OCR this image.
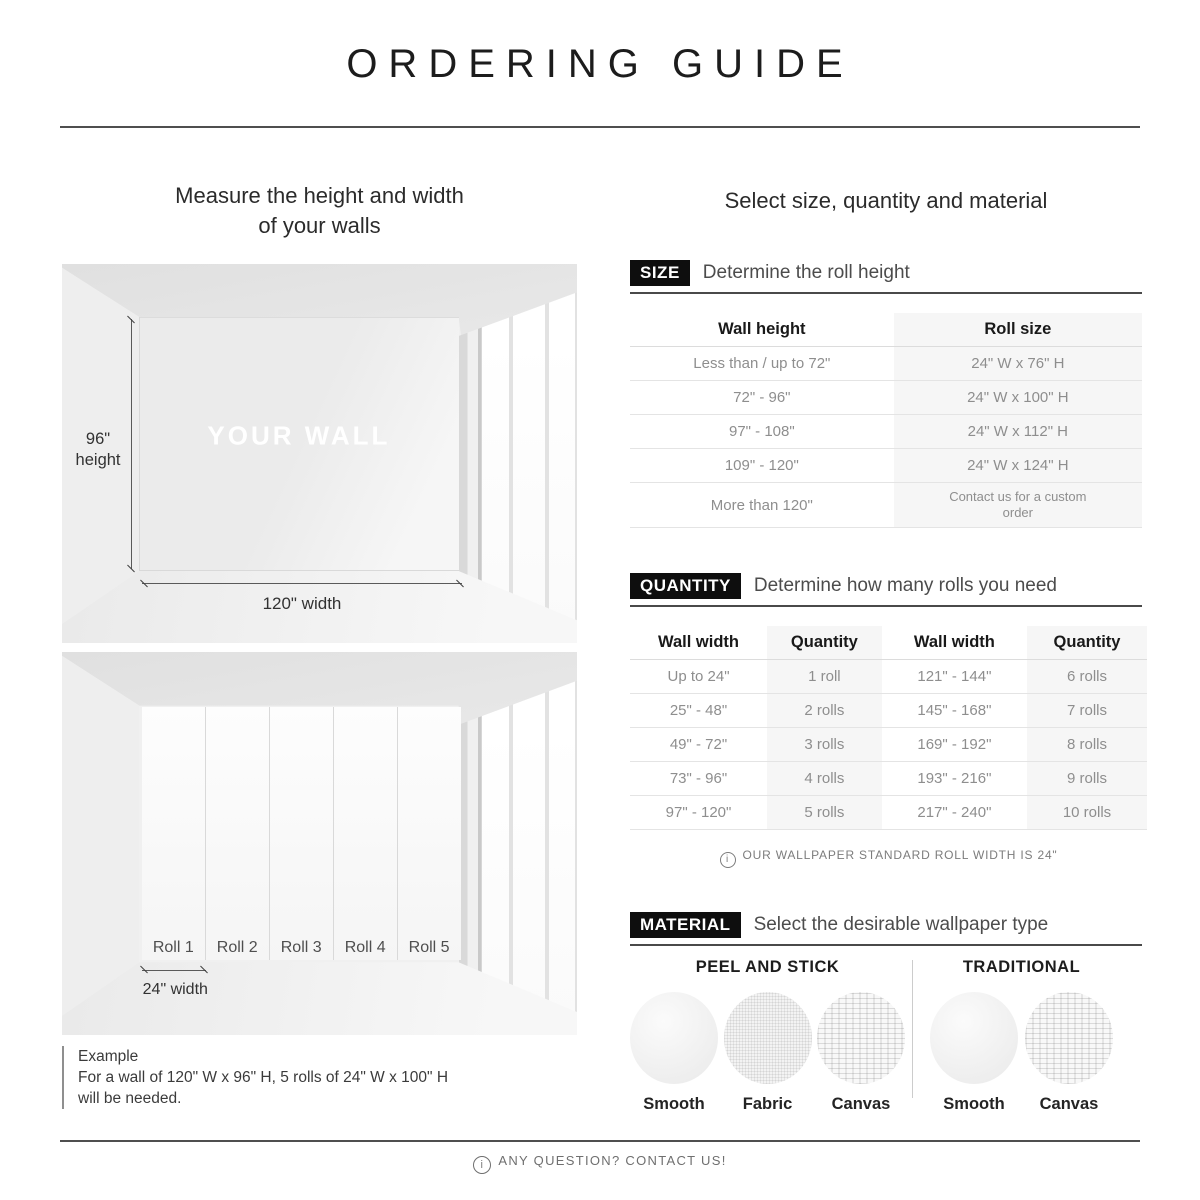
ORDERING GUIDE
Measure the height and width
of your walls
YOUR WALL
96"
height
120" width
Roll 1	Roll 2	Roll 3	Roll 4	Roll 5
24" width
Example
For a wall of 120" W x 96" H, 5 rolls of 24" W x 100" H
will be needed.
Select size, quantity and material
SIZE	Determine the roll height
Wall height	Roll size
Less than / up to 72"	24" W x 76" H
72" - 96"	24" W x 100" H
97" - 108"	24" W x 112" H
109" - 120"	24" W x 124" H
More than 120"	Contact us for a custom order
QUANTITY	Determine how many rolls you need
Wall width	Quantity	Wall width	Quantity
Up to 24"	1 roll	121" - 144"	6 rolls
25" - 48"	2 rolls	145" - 168"	7 rolls
49" - 72"	3 rolls	169" - 192"	8 rolls
73" - 96"	4 rolls	193" - 216"	9 rolls
97" - 120"	5 rolls	217" - 240"	10 rolls
i OUR WALLPAPER STANDARD ROLL WIDTH IS 24"
MATERIAL	Select the desirable wallpaper type
PEEL AND STICK
Smooth	Fabric	Canvas
TRADITIONAL
Smooth	Canvas
i ANY QUESTION? CONTACT US!
